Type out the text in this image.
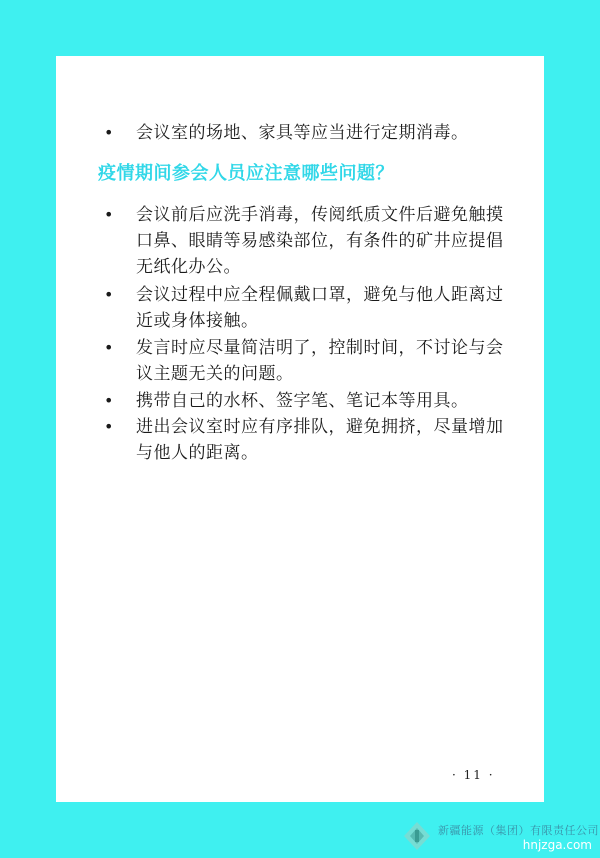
•	会议室的场地、家具等应当进行定期消毒。
疫情期间参会人员应注意哪些问题？
•	会议前后应洗手消毒，传阅纸质文件后避免触摸口鼻、眼睛等易感染部位，有条件的矿井应提倡无纸化办公。
•	会议过程中应全程佩戴口罩，避免与他人距离过近或身体接触。
•	发言时应尽量简洁明了，控制时间，不讨论与会议主题无关的问题。
•	携带自己的水杯、签字笔、笔记本等用具。
•	进出会议室时应有序排队，避免拥挤，尽量增加与他人的距离。
· 11 ·
新疆能源（集团）有限责任公司
hnjzga.com
